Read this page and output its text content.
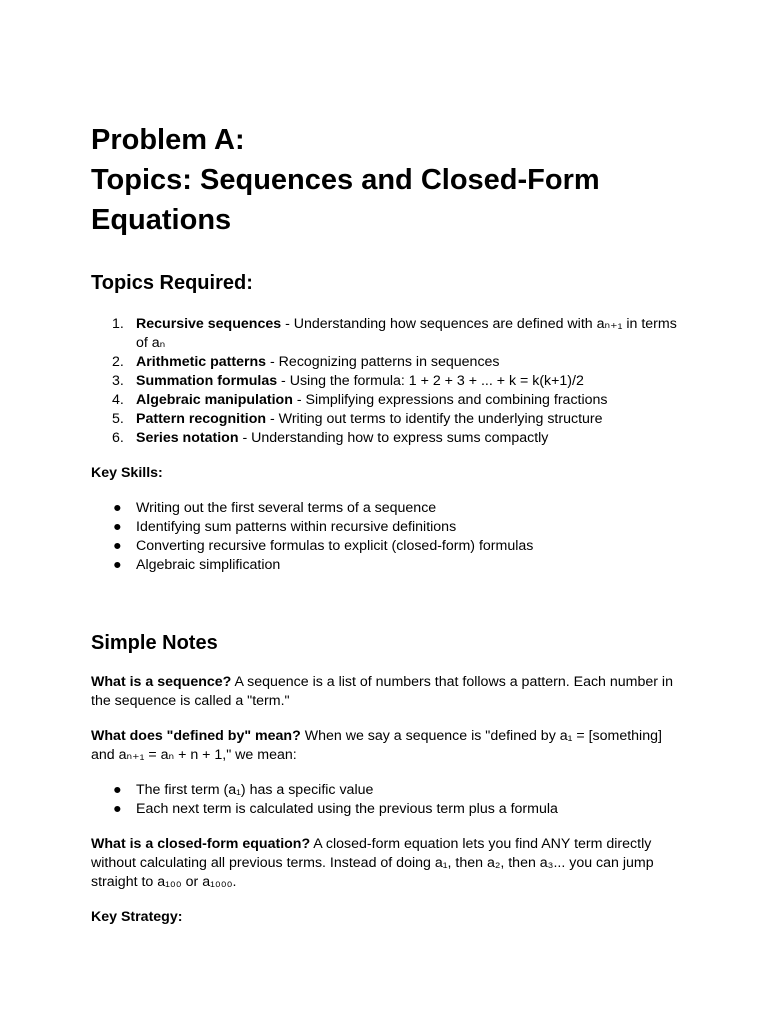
Problem A:
Topics: Sequences and Closed-Form Equations
Topics Required:
1. Recursive sequences - Understanding how sequences are defined with aₙ₊₁ in terms of aₙ
2. Arithmetic patterns - Recognizing patterns in sequences
3. Summation formulas - Using the formula: 1 + 2 + 3 + ... + k = k(k+1)/2
4. Algebraic manipulation - Simplifying expressions and combining fractions
5. Pattern recognition - Writing out terms to identify the underlying structure
6. Series notation - Understanding how to express sums compactly

Key Skills:

● Writing out the first several terms of a sequence
● Identifying sum patterns within recursive definitions
● Converting recursive formulas to explicit (closed-form) formulas
● Algebraic simplification
Simple Notes

What is a sequence? A sequence is a list of numbers that follows a pattern. Each number in the sequence is called a "term."

What does "defined by" mean? When we say a sequence is "defined by a₁ = [something] and aₙ₊₁ = aₙ + n + 1," we mean:

● The first term (a₁) has a specific value
● Each next term is calculated using the previous term plus a formula

What is a closed-form equation? A closed-form equation lets you find ANY term directly without calculating all previous terms. Instead of doing a₁, then a₂, then a₃... you can jump straight to a₁₀₀ or a₁₀₀₀.

Key Strategy:
